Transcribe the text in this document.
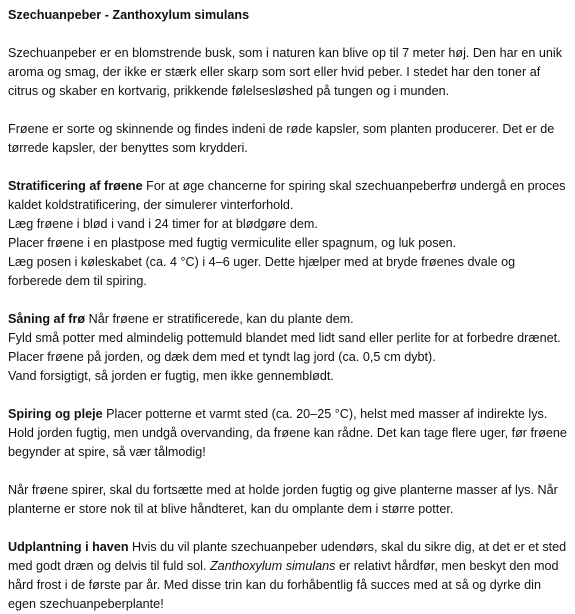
Szechuanpeber - Zanthoxylum simulans

Szechuanpeber er en blomstrende busk, som i naturen kan blive op til 7 meter høj. Den har en unik aroma og smag, der ikke er stærk eller skarp som sort eller hvid peber. I stedet har den toner af citrus og skaber en kortvarig, prikkende følelsesløshed på tungen og i munden.

Frøene er sorte og skinnende og findes indeni de røde kapsler, som planten producerer. Det er de tørrede kapsler, der benyttes som krydderi.

Stratificering af frøene For at øge chancerne for spiring skal szechuanpeberfrø undergå en proces kaldet koldstratificering, der simulerer vinterforhold.
Læg frøene i blød i vand i 24 timer for at blødgøre dem.
Placer frøene i en plastpose med fugtig vermiculite eller spagnum, og luk posen.
Læg posen i køleskabet (ca. 4 °C) i 4–6 uger. Dette hjælper med at bryde frøenes dvale og forberede dem til spiring.

Såning af frø Når frøene er stratificerede, kan du plante dem.
Fyld små potter med almindelig pottemuld blandet med lidt sand eller perlite for at forbedre drænet.
Placer frøene på jorden, og dæk dem med et tyndt lag jord (ca. 0,5 cm dybt).
Vand forsigtigt, så jorden er fugtig, men ikke gennemblødt.

Spiring og pleje Placer potterne et varmt sted (ca. 20–25 °C), helst med masser af indirekte lys. Hold jorden fugtig, men undgå overvanding, da frøene kan rådne. Det kan tage flere uger, før frøene begynder at spire, så vær tålmodig!

Når frøene spirer, skal du fortsætte med at holde jorden fugtig og give planterne masser af lys. Når planterne er store nok til at blive håndteret, kan du omplante dem i større potter.

Udplantning i haven Hvis du vil plante szechuanpeber udendørs, skal du sikre dig, at det er et sted med godt dræn og delvis til fuld sol. Zanthoxylum simulans er relativt hårdfør, men beskyt den mod hård frost i de første par år. Med disse trin kan du forhåbentlig få succes med at så og dyrke din egen szechuanpeberplante!
